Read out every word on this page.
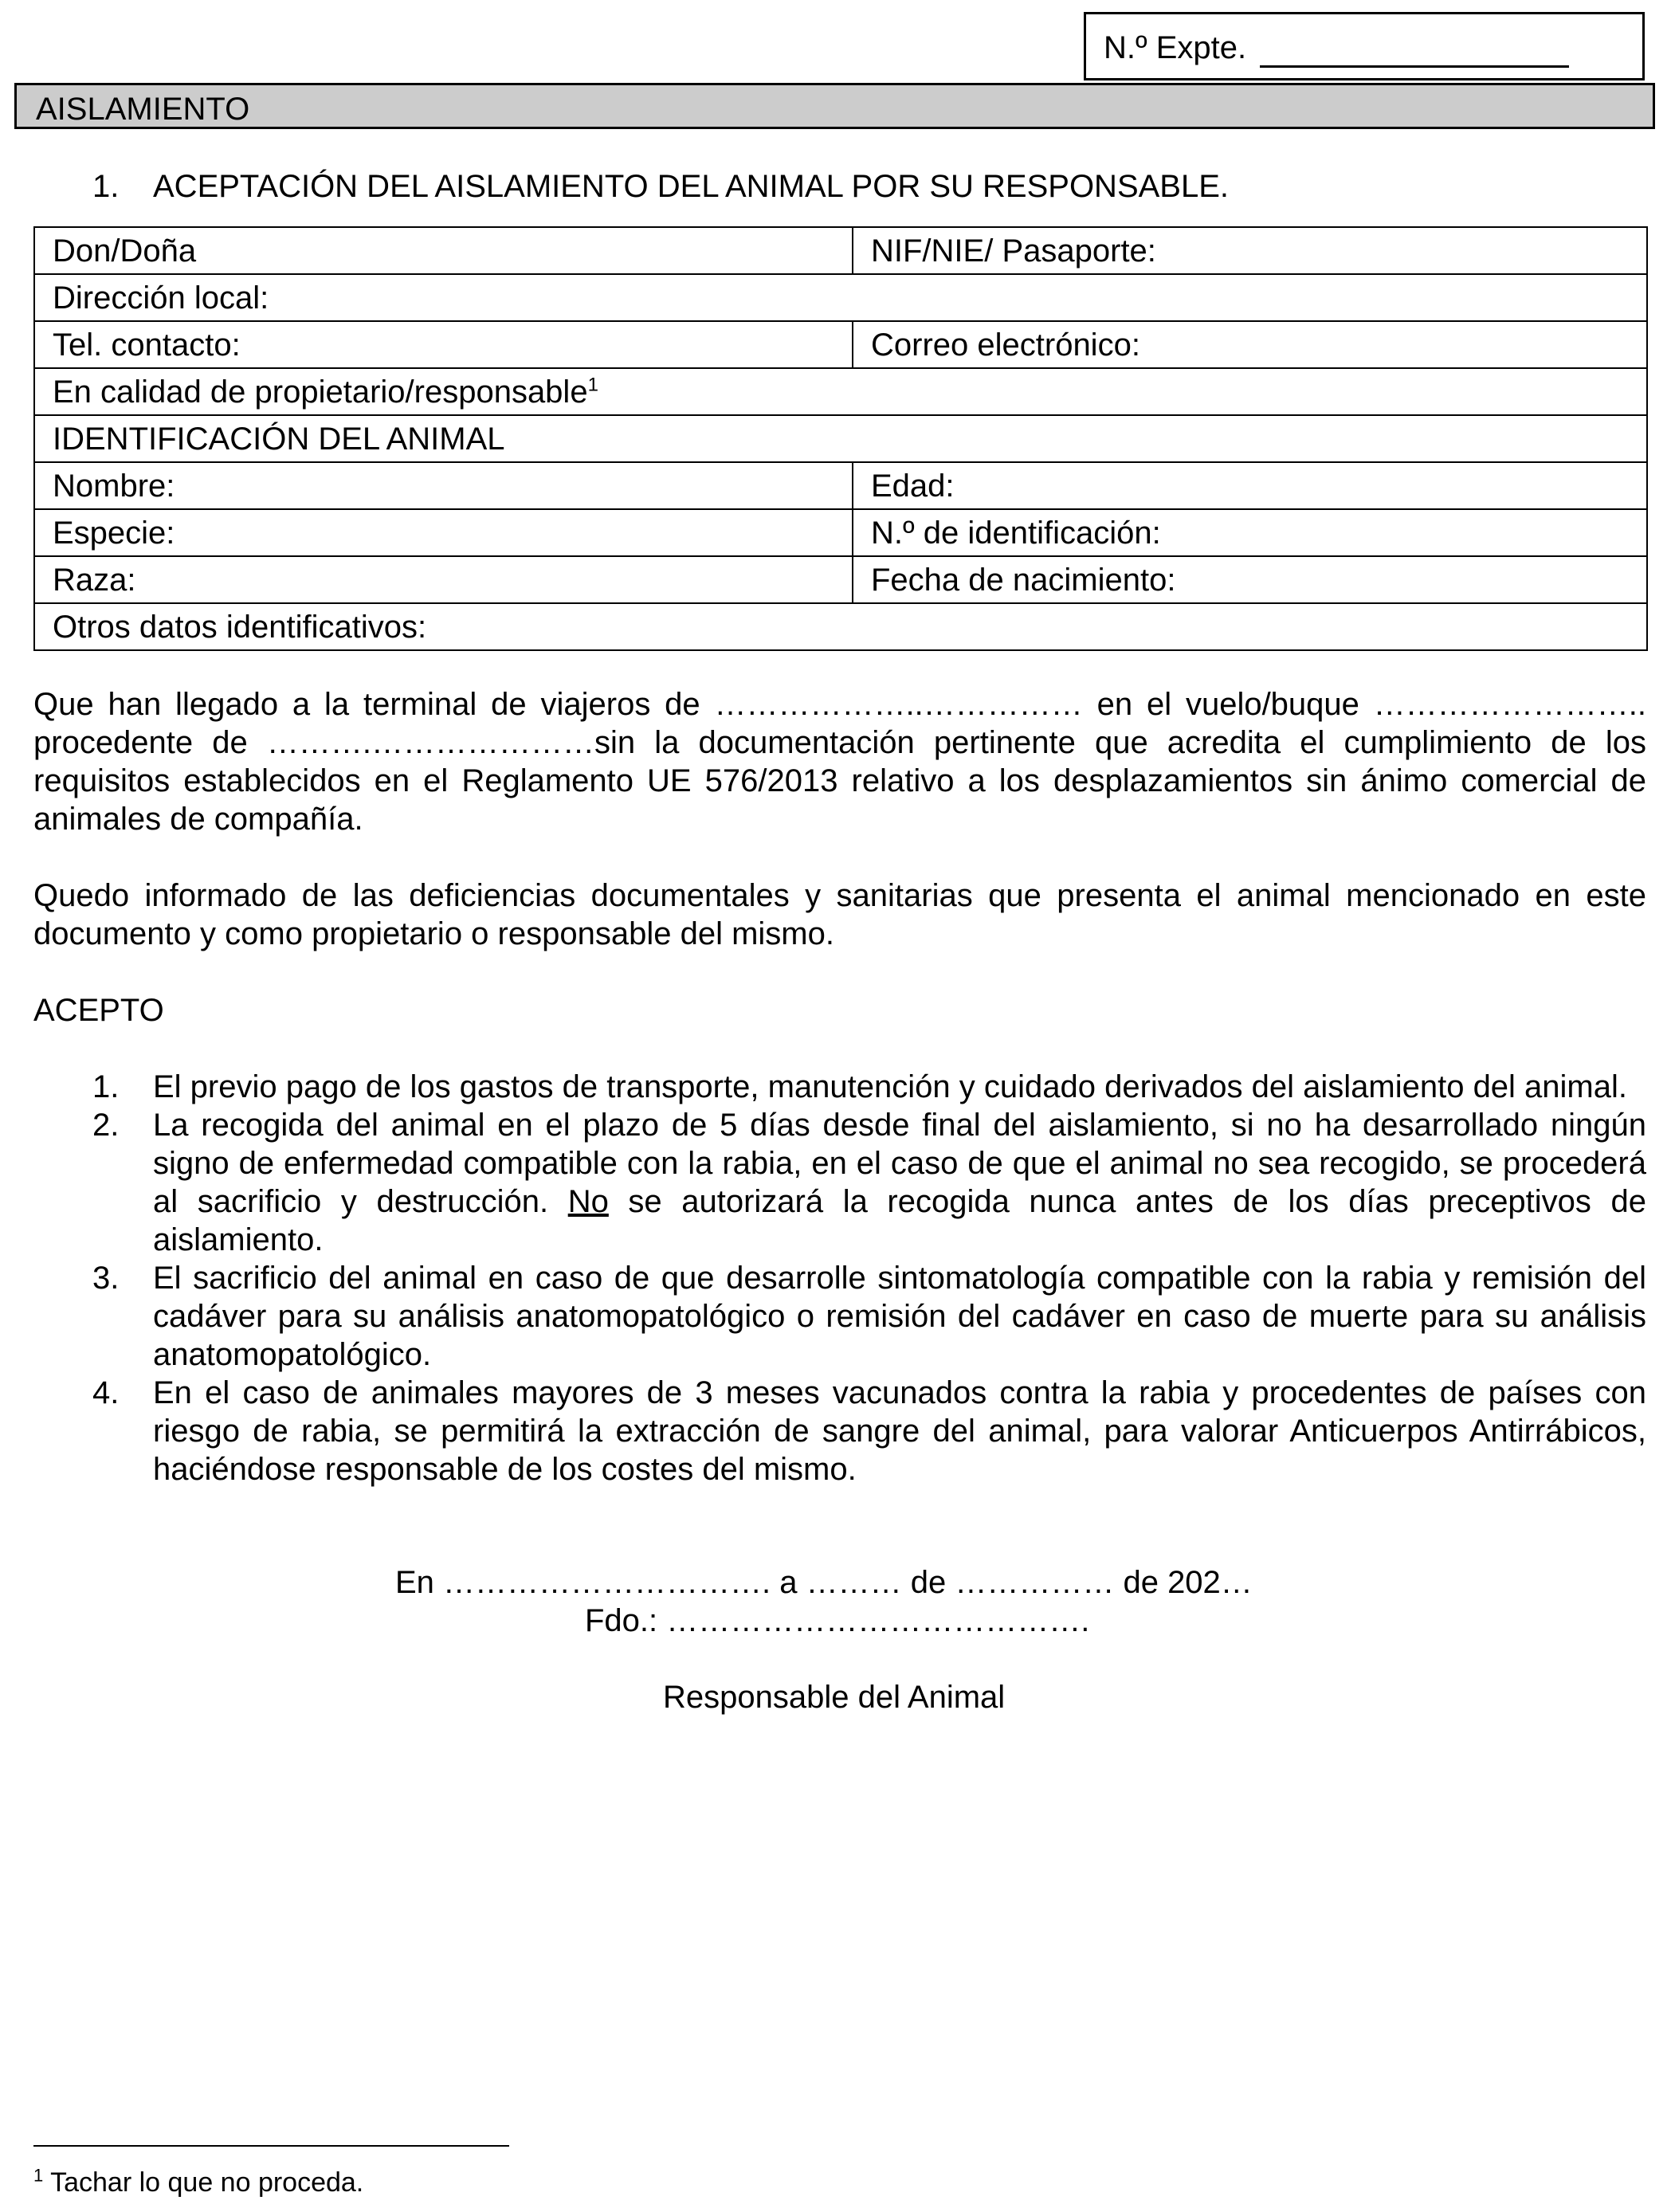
N.º Expte.
AISLAMIENTO
1. ACEPTACIÓN DEL AISLAMIENTO DEL ANIMAL POR SU RESPONSABLE.
Don/Doña	NIF/NIE/ Pasaporte:
Dirección local:	
Tel. contacto:	Correo electrónico:
En calidad de propietario/responsable$^1$
IDENTIFICACIÓN DEL ANIMAL	
Nombre:	Edad:
Especie:	N.º de identificación:
Raza:	Fecha de nacimiento:
Otros datos identificativos:	
Que han llegado a la terminal de viajeros de ………………..…………… en el vuelo/buque …………………….. procedente de ……….…………………sin la documentación pertinente que acredita el cumplimiento de los requisitos establecidos en el Reglamento UE 576/2013 relativo a los desplazamientos sin ánimo comercial de animales de compañía.
Quedo informado de las deficiencias documentales y sanitarias que presenta el animal mencionado en este documento y como propietario o responsable del mismo.
ACEPTO
1.	El previo pago de los gastos de transporte, manutención y cuidado derivados del aislamiento del animal.
2.	La recogida del animal en el plazo de 5 días desde final del aislamiento, si no ha desarrollado ningún signo de enfermedad compatible con la rabia, en el caso de que el animal no sea recogido, se procederá al sacrificio y destrucción. No se autorizará la recogida nunca antes de los días preceptivos de aislamiento.
3.	El sacrificio del animal en caso de que desarrolle sintomatología compatible con la rabia y remisión del cadáver para su análisis anatomopatológico o remisión del cadáver en caso de muerte para su análisis anatomopatológico.
4.	En el caso de animales mayores de 3 meses vacunados contra la rabia y procedentes de países con riesgo de rabia, se permitirá la extracción de sangre del animal, para valorar Anticuerpos Antirrábicos, haciéndose responsable de los costes del mismo.
En …………………………. a ……… de …………… de 202…
Fdo.: ………………………………….
Responsable del Animal
$^1$ Tachar lo que no proceda.
